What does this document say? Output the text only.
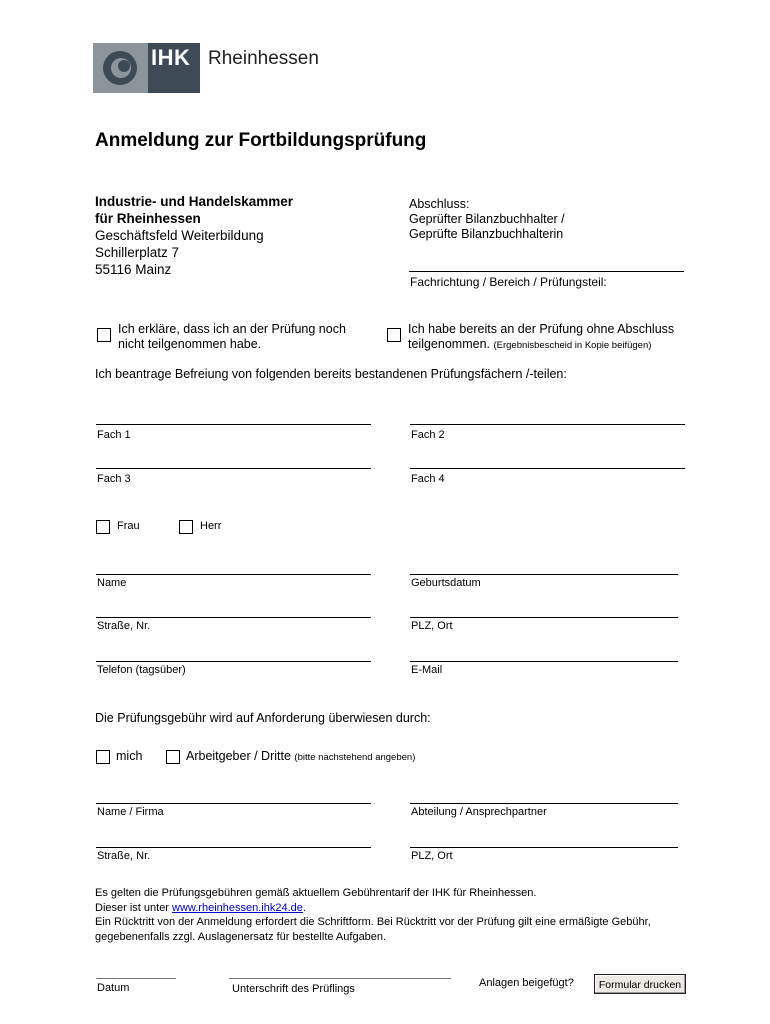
IHK Rheinhessen
Anmeldung zur Fortbildungsprüfung
Industrie- und Handelskammer
für Rheinhessen
Geschäftsfeld Weiterbildung
Schillerplatz 7
55116 Mainz
Abschluss:
Geprüfter Bilanzbuchhalter /
Geprüfte Bilanzbuchhalterin
Fachrichtung / Bereich / Prüfungsteil:
Ich erkläre, dass ich an der Prüfung noch
nicht teilgenommen habe.
Ich habe bereits an der Prüfung ohne Abschluss
teilgenommen. (Ergebnisbescheid in Kopie beifügen)
Ich beantrage Befreiung von folgenden bereits bestandenen Prüfungsfächern /-teilen:
Fach 1	Fach 2
Fach 3	Fach 4
Frau	Herr
Name	Geburtsdatum
Straße, Nr.	PLZ, Ort
Telefon (tagsüber)	E-Mail
Die Prüfungsgebühr wird auf Anforderung überwiesen durch:
mich	Arbeitgeber / Dritte (bitte nachstehend angeben)
Name / Firma	Abteilung / Ansprechpartner
Straße, Nr.	PLZ, Ort
Es gelten die Prüfungsgebühren gemäß aktuellem Gebührentarif der IHK für Rheinhessen.
Dieser ist unter www.rheinhessen.ihk24.de.
Ein Rücktritt von der Anmeldung erfordert die Schriftform. Bei Rücktritt vor der Prüfung gilt eine ermäßigte Gebühr,
gegebenenfalls zzgl. Auslagenersatz für bestellte Aufgaben.
Datum	Unterschrift des Prüflings	Anlagen beigefügt?	Formular drucken
